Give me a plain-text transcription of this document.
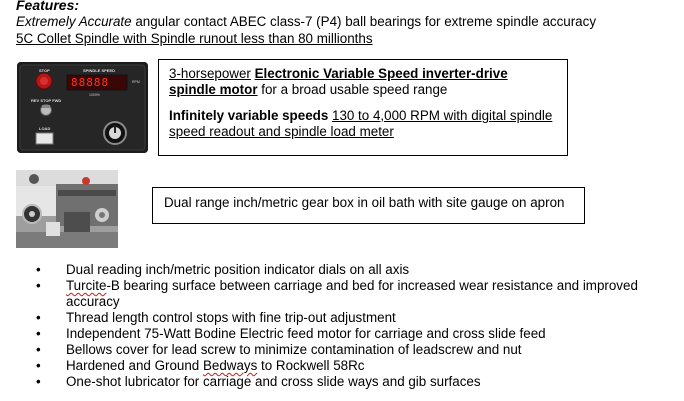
Features:
Extremely Accurate angular contact ABEC class-7 (P4) ball bearings for extreme spindle accuracy
5C Collet Spindle with Spindle runout less than 80 millionths
STOP	SPINDLE SPEED
88888
1000%
RPM
REV STOP FWD
LOAD

3-horsepower Electronic Variable Speed inverter-drive spindle motor for a broad usable speed range

Infinitely variable speeds 130 to 4,000 RPM with digital spindle speed readout and spindle load meter

Dual range inch/metric gear box in oil bath with site gauge on apron
• Dual reading inch/metric position indicator dials on all axis
• Turcite-B bearing surface between carriage and bed for increased wear resistance and improved accuracy
• Thread length control stops with fine trip-out adjustment
• Independent 75-Watt Bodine Electric feed motor for carriage and cross slide feed
• Bellows cover for lead screw to minimize contamination of leadscrew and nut
• Hardened and Ground Bedways to Rockwell 58Rc
• One-shot lubricator for carriage and cross slide ways and gib surfaces
